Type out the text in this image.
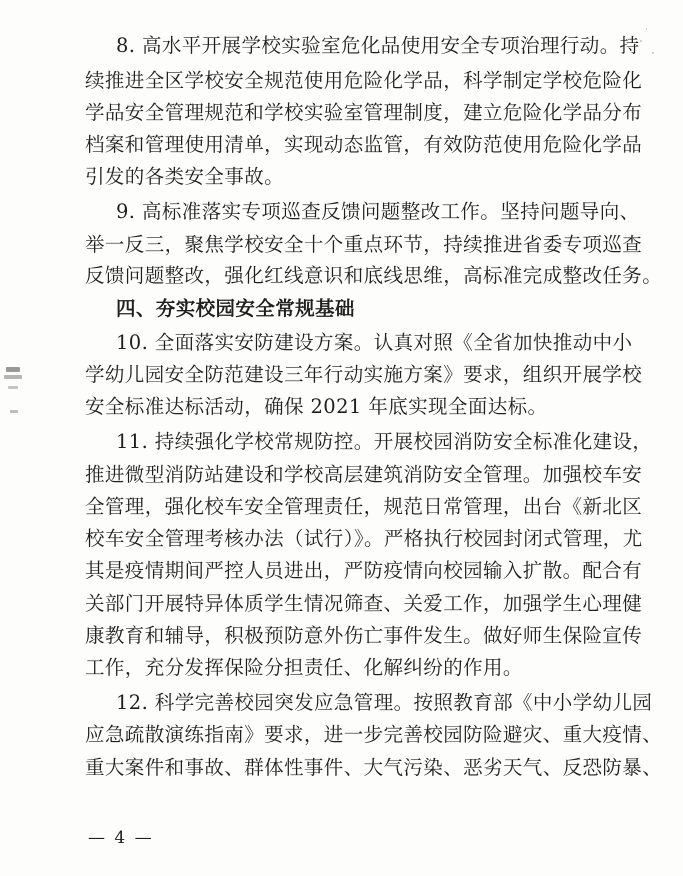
8. 高水平开展学校实验室危化品使用安全专项治理行动。持
续推进全区学校安全规范使用危险化学品，科学制定学校危险化
学品安全管理规范和学校实验室管理制度，建立危险化学品分布
档案和管理使用清单，实现动态监管，有效防范使用危险化学品
引发的各类安全事故。
9. 高标准落实专项巡查反馈问题整改工作。坚持问题导向、
举一反三，聚焦学校安全十个重点环节，持续推进省委专项巡查
反馈问题整改，强化红线意识和底线思维，高标准完成整改任务。
四、夯实校园安全常规基础
10. 全面落实安防建设方案。认真对照《全省加快推动中小
学幼儿园安全防范建设三年行动实施方案》要求，组织开展学校
安全标准达标活动，确保 2021 年底实现全面达标。
11. 持续强化学校常规防控。开展校园消防安全标准化建设，
推进微型消防站建设和学校高层建筑消防安全管理。加强校车安
全管理，强化校车安全管理责任，规范日常管理，出台《新北区
校车安全管理考核办法（试行）》。严格执行校园封闭式管理，尤
其是疫情期间严控人员进出，严防疫情向校园输入扩散。配合有
关部门开展特异体质学生情况筛查、关爱工作，加强学生心理健
康教育和辅导，积极预防意外伤亡事件发生。做好师生保险宣传
工作，充分发挥保险分担责任、化解纠纷的作用。
12. 科学完善校园突发应急管理。按照教育部《中小学幼儿园
应急疏散演练指南》要求，进一步完善校园防险避灾、重大疫情、
重大案件和事故、群体性事件、大气污染、恶劣天气、反恐防暴、
— 4 —
